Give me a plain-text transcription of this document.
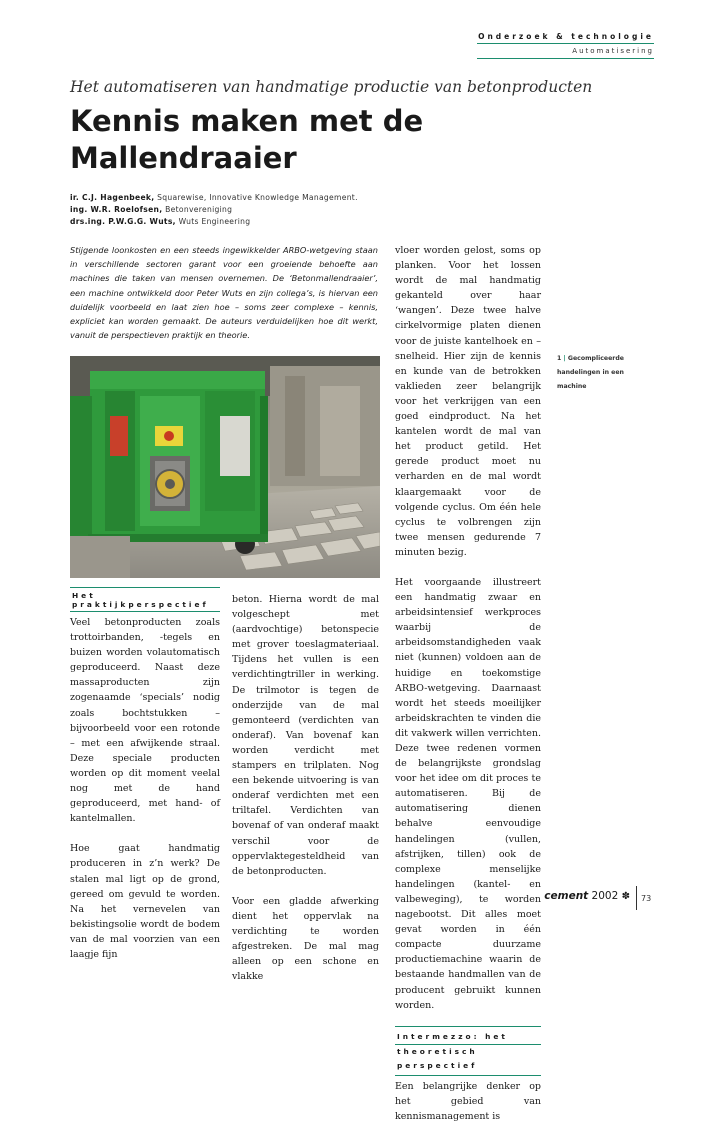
Onderzoek & technologie
Automatisering
Het automatiseren van handmatige productie van betonproducten
Kennis maken met de
Mallendraaier
ir. C.J. Hagenbeek, Squarewise, Innovative Knowledge Management.
ing. W.R. Roelofsen, Betonvereniging
drs.ing. P.W.G.G. Wuts, Wuts Engineering
Stijgende loonkosten en een steeds ingewikkelder ARBO-wetgeving staan in verschillende sectoren garant voor een groeiende behoefte aan machines die taken van mensen overnemen. De ‘Betonmallendraaier’, een machine ontwikkeld door Peter Wuts en zijn collega’s, is hiervan een duidelijk voorbeeld en laat zien hoe – soms zeer complexe – kennis, expliciet kan worden gemaakt. De auteurs verduidelijken hoe dit werkt, vanuit de perspectieven praktijk en theorie.
Het praktijkperspectief

Veel betonproducten zoals trottoirbanden, -tegels en buizen worden volautomatisch geproduceerd. Naast deze massaproducten zijn zogenaamde ‘specials’ nodig zoals bochtstukken – bijvoorbeeld voor een rotonde – met een afwijkende straal. Deze speciale producten worden op dit moment veelal nog met de hand geproduceerd, met hand- of kantelmallen.

Hoe gaat handmatig produceren in z’n werk? De stalen mal ligt op de grond, gereed om gevuld te worden. Na het vernevelen van bekistingsolie wordt de bodem van de mal voorzien van een laagje fijn

beton. Hierna wordt de mal volgeschept met (aardvochtige) betonspecie met grover toeslagmateriaal. Tijdens het vullen is een verdichtingtriller in werking. De trilmotor is tegen de onderzijde van de mal gemonteerd (verdichten van onderaf). Van bovenaf kan worden verdicht met stampers en trilplaten. Nog een bekende uitvoering is van onderaf verdichten met een triltafel. Verdichten van bovenaf of van onderaf maakt verschil voor de oppervlaktegesteldheid van de betonproducten.

Voor een gladde afwerking dient het oppervlak na verdichting te worden afgestreken. De mal mag alleen op een schone en vlakke

vloer worden gelost, soms op planken. Voor het lossen wordt de mal handmatig gekanteld over haar ‘wangen’. Deze twee halve cirkelvormige platen dienen voor de juiste kantelhoek en –snelheid. Hier zijn de kennis en kunde van de betrokken vaklieden zeer belangrijk voor het verkrijgen van een goed eindproduct. Na het kantelen wordt de mal van het product getild. Het gerede product moet nu verharden en de mal wordt klaargemaakt voor de volgende cyclus. Om één hele cyclus te volbrengen zijn twee mensen gedurende 7 minuten bezig.

Het voorgaande illustreert een handmatig zwaar en arbeidsintensief werkproces waarbij de arbeidsomstandigheden vaak niet (kunnen) voldoen aan de huidige en toekomstige ARBO-wetgeving. Daarnaast wordt het steeds moeilijker arbeidskrachten te vinden die dit vakwerk willen verrichten. Deze twee redenen vormen de belangrijkste grondslag voor het idee om dit proces te automatiseren. Bij de automatisering dienen behalve eenvoudige handelingen (vullen, afstrijken, tillen) ook de complexe menselijke handelingen (kantel- en valbeweging), te worden nagebootst. Dit alles moet gevat worden in één compacte duurzame productiemachine waarin de bestaande handmallen van de producent gebruikt kunnen worden.

Intermezzo: het
theoretisch perspectief

Een belangrijke denker op het gebied van kennismanagement is

1 | Gecompliceerde handelingen in een machine
cement 2002 ✽ 73
